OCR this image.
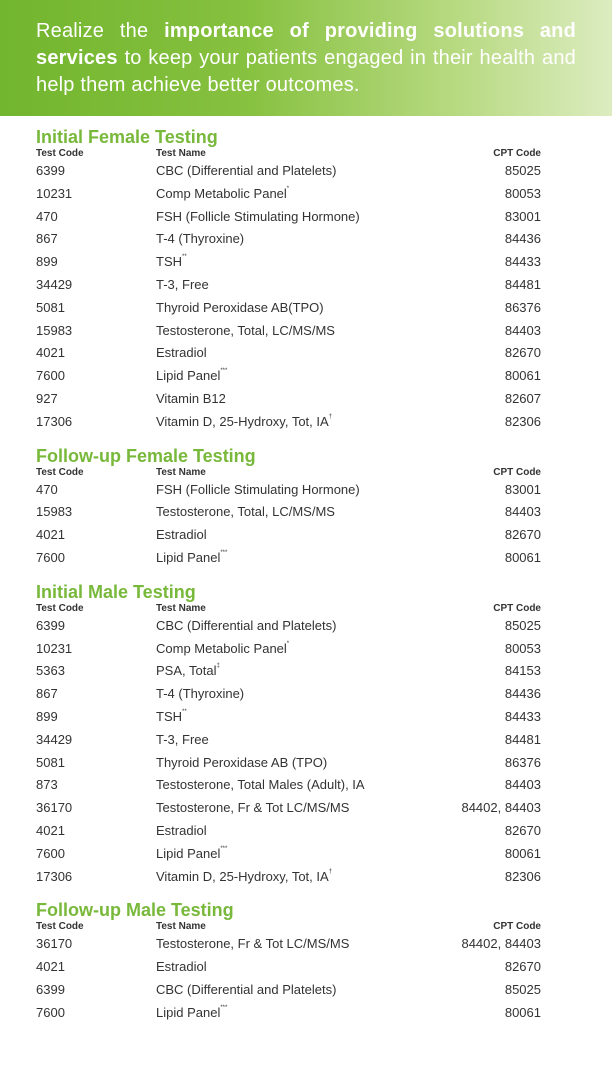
Realize the importance of providing solutions and services to keep your patients engaged in their health and help them achieve better outcomes.
Initial Female Testing
Test Code	Test Name	CPT Code
6399	CBC (Differential and Platelets)	85025
10231	Comp Metabolic Panel*	80053
470	FSH (Follicle Stimulating Hormone)	83001
867	T-4 (Thyroxine)	84436
899	TSH**	84433
34429	T-3, Free	84481
5081	Thyroid Peroxidase AB(TPO)	86376
15983	Testosterone, Total, LC/MS/MS	84403
4021	Estradiol	82670
7600	Lipid Panel***	80061
927	Vitamin B12	82607
17306	Vitamin D, 25-Hydroxy, Tot, IA†	82306
Follow-up Female Testing
Test Code	Test Name	CPT Code
470	FSH (Follicle Stimulating Hormone)	83001
15983	Testosterone, Total, LC/MS/MS	84403
4021	Estradiol	82670
7600	Lipid Panel***	80061
Initial Male Testing
Test Code	Test Name	CPT Code
6399	CBC (Differential and Platelets)	85025
10231	Comp Metabolic Panel*	80053
5363	PSA, Total‡	84153
867	T-4 (Thyroxine)	84436
899	TSH**	84433
34429	T-3, Free	84481
5081	Thyroid Peroxidase AB (TPO)	86376
873	Testosterone, Total Males (Adult), IA	84403
36170	Testosterone, Fr & Tot LC/MS/MS	84402, 84403
4021	Estradiol	82670
7600	Lipid Panel***	80061
17306	Vitamin D, 25-Hydroxy, Tot, IA†	82306
Follow-up Male Testing
Test Code	Test Name	CPT Code
36170	Testosterone, Fr & Tot LC/MS/MS	84402, 84403
4021	Estradiol	82670
6399	CBC (Differential and Platelets)	85025
7600	Lipid Panel***	80061
